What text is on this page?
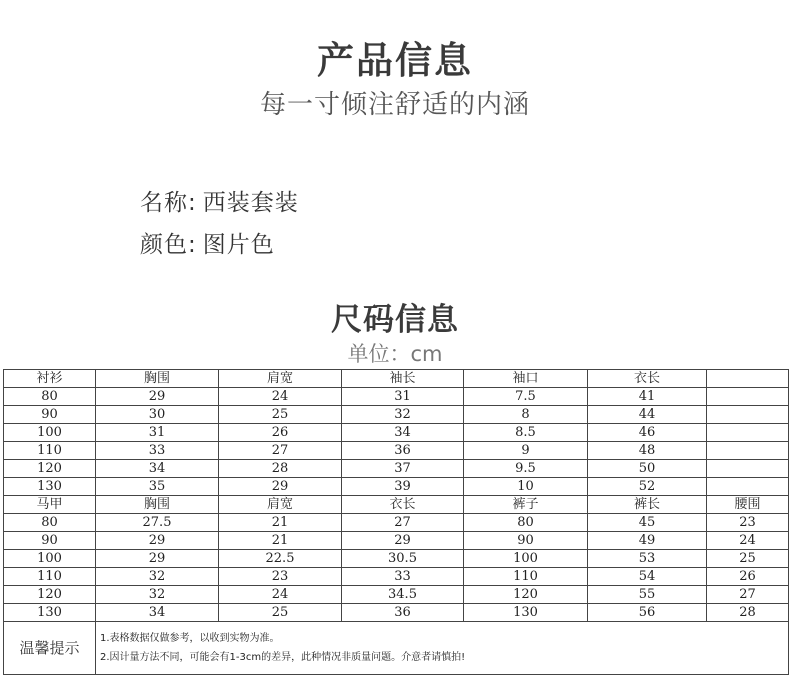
产品信息
每一寸倾注舒适的内涵
名称: 西装套装
颜色: 图片色
尺码信息
单位：cm
衬衫	胸围	肩宽	袖长	袖口	衣长	
80	29	24	31	7.5	41	
90	30	25	32	8	44	
100	31	26	34	8.5	46	
110	33	27	36	9	48	
120	34	28	37	9.5	50	
130	35	29	39	10	52	
马甲	胸围	肩宽	衣长	裤子	裤长	腰围
80	27.5	21	27	80	45	23
90	29	21	29	90	49	24
100	29	22.5	30.5	100	53	25
110	32	23	33	110	54	26
120	32	24	34.5	120	55	27
130	34	25	36	130	56	28
温馨提示	1.表格数据仅做参考，以收到实物为准。
2.因计量方法不同，可能会有1-3cm的差异，此种情况非质量问题。介意者请慎拍!					
